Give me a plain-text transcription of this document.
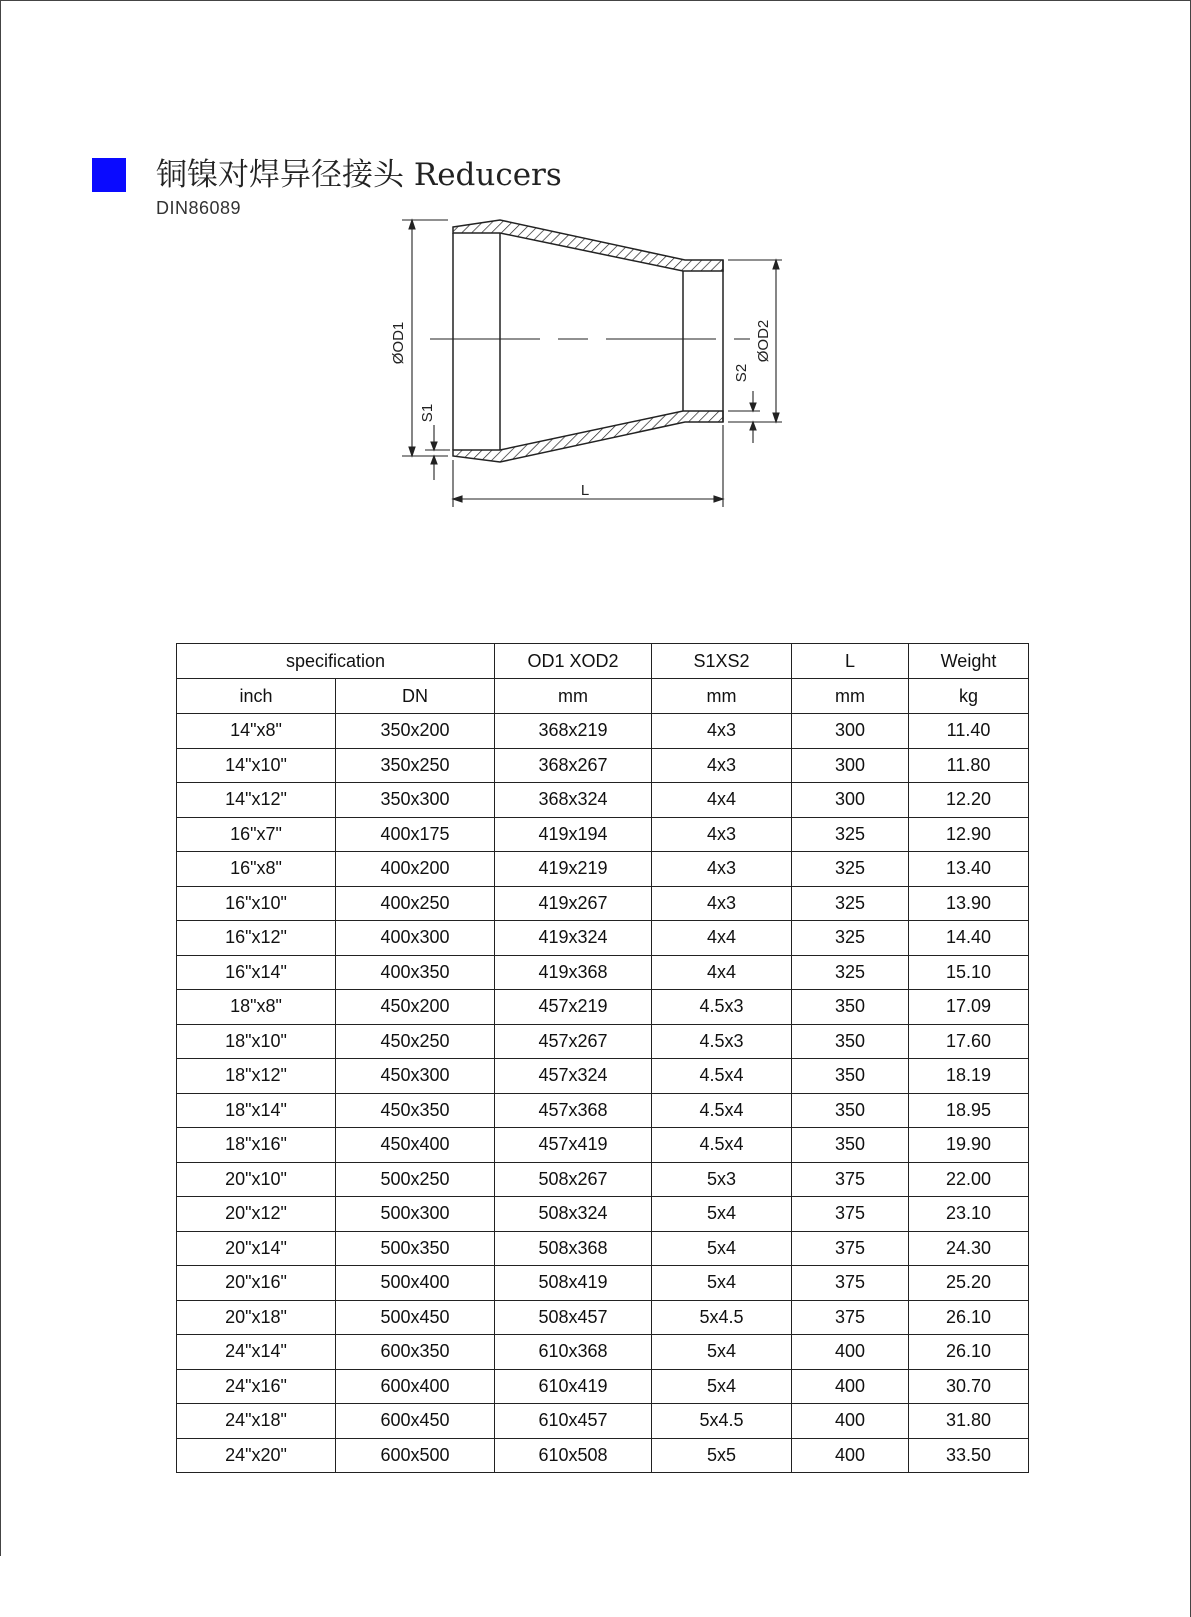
铜镍对焊异径接头 Reducers
DIN86089
ØOD1
S1
ØOD2
S2
L
specification		OD1 XOD2	S1XS2	L	Weight
inch	DN	mm	mm	mm	kg
14"x8"	350x200	368x219	4x3	300	11.40
14"x10"	350x250	368x267	4x3	300	11.80
14"x12"	350x300	368x324	4x4	300	12.20
16"x7"	400x175	419x194	4x3	325	12.90
16"x8"	400x200	419x219	4x3	325	13.40
16"x10"	400x250	419x267	4x3	325	13.90
16"x12"	400x300	419x324	4x4	325	14.40
16"x14"	400x350	419x368	4x4	325	15.10
18"x8"	450x200	457x219	4.5x3	350	17.09
18"x10"	450x250	457x267	4.5x3	350	17.60
18"x12"	450x300	457x324	4.5x4	350	18.19
18"x14"	450x350	457x368	4.5x4	350	18.95
18"x16"	450x400	457x419	4.5x4	350	19.90
20"x10"	500x250	508x267	5x3	375	22.00
20"x12"	500x300	508x324	5x4	375	23.10
20"x14"	500x350	508x368	5x4	375	24.30
20"x16"	500x400	508x419	5x4	375	25.20
20"x18"	500x450	508x457	5x4.5	375	26.10
24"x14"	600x350	610x368	5x4	400	26.10
24"x16"	600x400	610x419	5x4	400	30.70
24"x18"	600x450	610x457	5x4.5	400	31.80
24"x20"	600x500	610x508	5x5	400	33.50
